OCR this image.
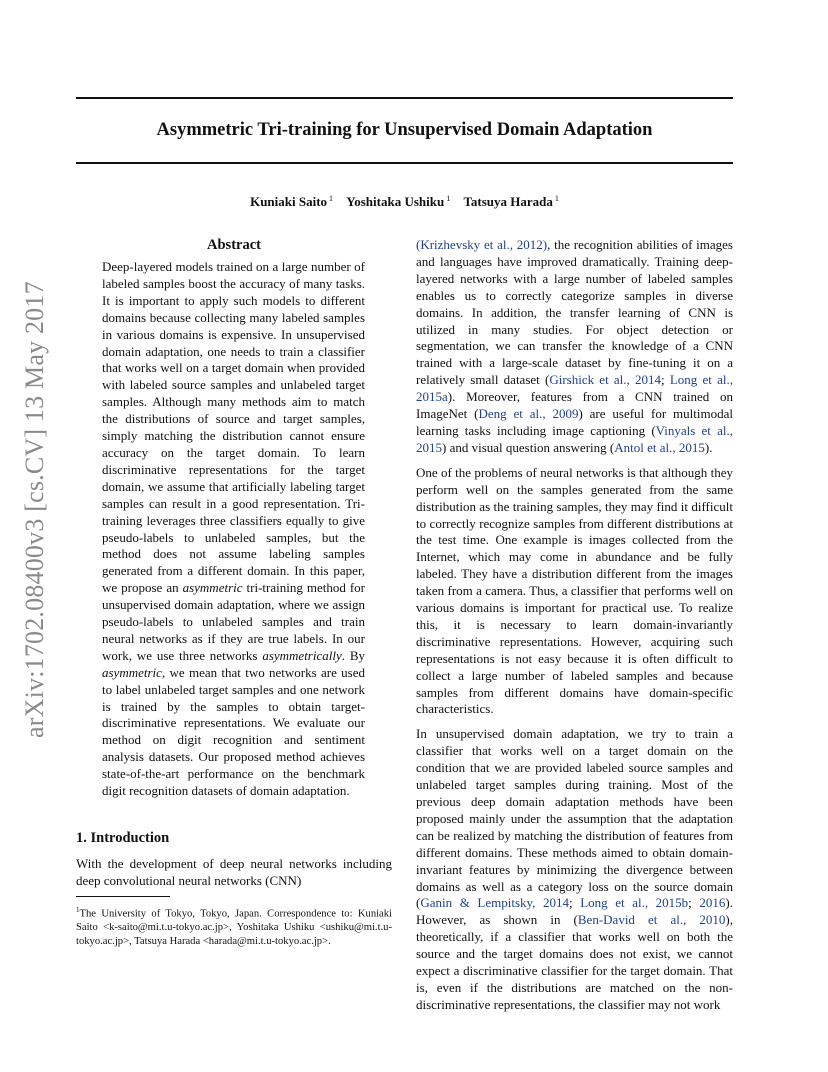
arXiv:1702.08400v3 [cs.CV] 13 May 2017
Asymmetric Tri-training for Unsupervised Domain Adaptation
Kuniaki Saito $^1$ Yoshitaka Ushiku $^1$ Tatsuya Harada $^1$
Abstract

Deep-layered models trained on a large number of labeled samples boost the accuracy of many tasks. It is important to apply such models to different domains because collecting many labeled samples in various domains is expensive. In unsupervised domain adaptation, one needs to train a classifier that works well on a target domain when provided with labeled source samples and unlabeled target samples. Although many methods aim to match the distributions of source and target samples, simply matching the distribution cannot ensure accuracy on the target domain. To learn discriminative representations for the target domain, we assume that artificially labeling target samples can result in a good representation. Tri-training leverages three classifiers equally to give pseudo-labels to unlabeled samples, but the method does not assume labeling samples generated from a different domain. In this paper, we propose an asymmetric tri-training method for unsupervised domain adaptation, where we assign pseudo-labels to unlabeled samples and train neural networks as if they are true labels. In our work, we use three networks asymmetrically. By asymmetric, we mean that two networks are used to label unlabeled target samples and one network is trained by the samples to obtain target-discriminative representations. We evaluate our method on digit recognition and sentiment analysis datasets. Our proposed method achieves state-of-the-art performance on the benchmark digit recognition datasets of domain adaptation.

1. Introduction

With the development of deep neural networks including deep convolutional neural networks (CNN)

$^1$The University of Tokyo, Tokyo, Japan. Correspondence to: Kuniaki Saito <k-saito@mi.t.u-tokyo.ac.jp>, Yoshitaka Ushiku <ushiku@mi.t.u-tokyo.ac.jp>, Tatsuya Harada <harada@mi.t.u-tokyo.ac.jp>.

(Krizhevsky et al., 2012), the recognition abilities of images and languages have improved dramatically. Training deep-layered networks with a large number of labeled samples enables us to correctly categorize samples in diverse domains. In addition, the transfer learning of CNN is utilized in many studies. For object detection or segmentation, we can transfer the knowledge of a CNN trained with a large-scale dataset by fine-tuning it on a relatively small dataset (Girshick et al., 2014; Long et al., 2015a). Moreover, features from a CNN trained on ImageNet (Deng et al., 2009) are useful for multimodal learning tasks including image captioning (Vinyals et al., 2015) and visual question answering (Antol et al., 2015).

One of the problems of neural networks is that although they perform well on the samples generated from the same distribution as the training samples, they may find it difficult to correctly recognize samples from different distributions at the test time. One example is images collected from the Internet, which may come in abundance and be fully labeled. They have a distribution different from the images taken from a camera. Thus, a classifier that performs well on various domains is important for practical use. To realize this, it is necessary to learn domain-invariantly discriminative representations. However, acquiring such representations is not easy because it is often difficult to collect a large number of labeled samples and because samples from different domains have domain-specific characteristics.

In unsupervised domain adaptation, we try to train a classifier that works well on a target domain on the condition that we are provided labeled source samples and unlabeled target samples during training. Most of the previous deep domain adaptation methods have been proposed mainly under the assumption that the adaptation can be realized by matching the distribution of features from different domains. These methods aimed to obtain domain-invariant features by minimizing the divergence between domains as well as a category loss on the source domain (Ganin & Lempitsky, 2014; Long et al., 2015b; 2016). However, as shown in (Ben-David et al., 2010), theoretically, if a classifier that works well on both the source and the target domains does not exist, we cannot expect a discriminative classifier for the target domain. That is, even if the distributions are matched on the non-discriminative representations, the classifier may not work
